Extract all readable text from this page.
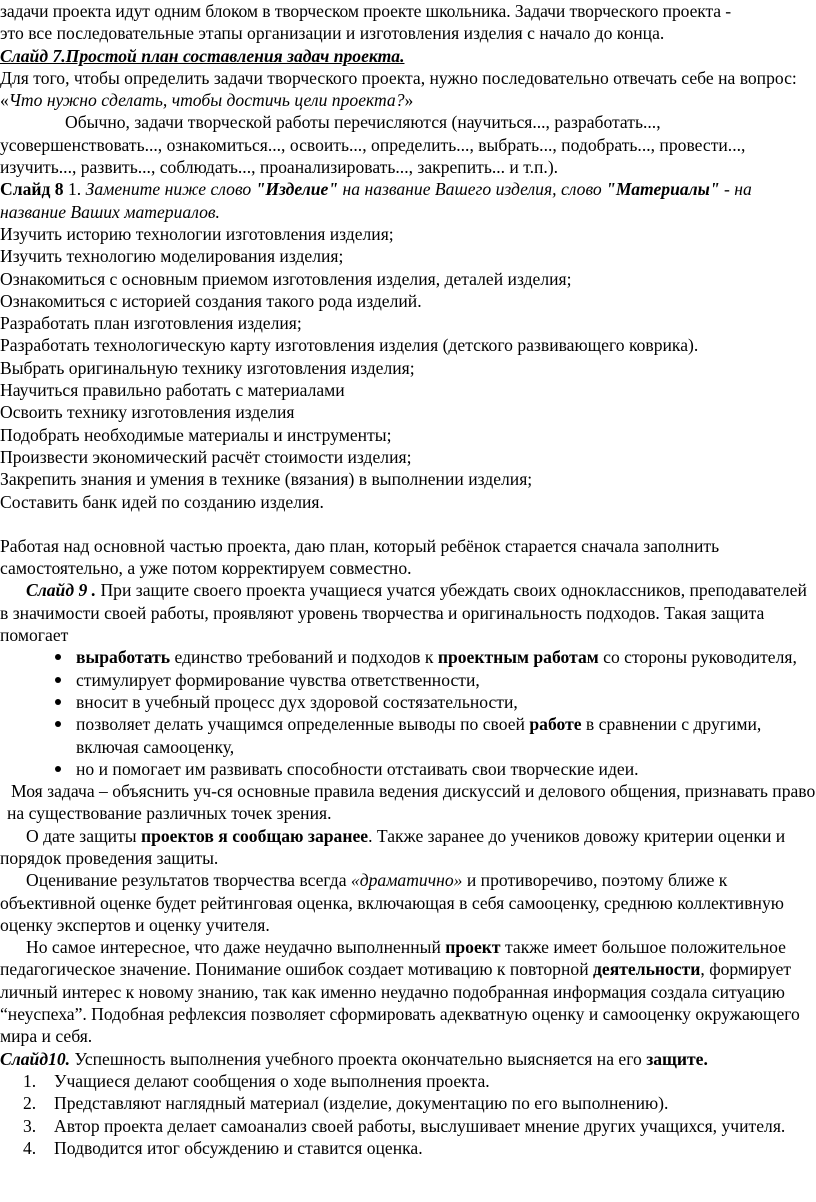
задачи проекта идут одним блоком в творческом проекте школьника. Задачи творческого проекта -

это все последовательные этапы организации и изготовления изделия с начало до конца.

Слайд 7.Простой план составления задач проекта.

Для того, чтобы определить задачи творческого проекта, нужно последовательно отвечать себе на вопрос: «Что нужно сделать, чтобы достичь цели проекта?»

Обычно, задачи творческой работы перечисляются (научиться..., разработать..., усовершенствовать..., ознакомиться..., освоить..., определить..., выбрать..., подобрать..., провести..., изучить..., развить..., соблюдать..., проанализировать..., закрепить... и т.п.).

Слайд 8 1. Замените ниже слово "Изделие" на название Вашего изделия, слово "Материалы" - на название Ваших материалов.

Изучить историю технологии изготовления изделия;

Изучить технологию моделирования изделия;

Ознакомиться с основным приемом изготовления изделия, деталей изделия;

Ознакомиться с историей создания такого рода изделий.

Разработать план изготовления изделия;

Разработать технологическую карту изготовления изделия (детского развивающего коврика).

Выбрать оригинальную технику изготовления изделия;

Научиться правильно работать с материалами

Освоить технику изготовления изделия

Подобрать необходимые материалы и инструменты;

Произвести экономический расчёт стоимости изделия;

Закрепить знания и умения в технике (вязания) в выполнении изделия;

Составить банк идей по созданию изделия.

Работая над основной частью проекта, даю план, который ребёнок старается сначала заполнить самостоятельно, а уже потом корректируем совместно.

Слайд 9 . При защите своего проекта учащиеся учатся убеждать своих одноклассников, преподавателей в значимости своей работы, проявляют уровень творчества и оригинальность подходов. Такая защита помогает

выработать единство требований и подходов к проектным работам со стороны руководителя,
стимулирует формирование чувства ответственности,
вносит в учебный процесс дух здоровой состязательности,
позволяет делать учащимся определенные выводы по своей работе в сравнении с другими, включая самооценку,
но и помогает им развивать способности отстаивать свои творческие идеи.

Моя задача – объяснить уч-ся основные правила ведения дискуссий и делового общения, признавать право на существование различных точек зрения.

О дате защиты проектов я сообщаю заранее. Также заранее до учеников довожу критерии оценки и порядок проведения защиты.

Оценивание результатов творчества всегда «драматично» и противоречиво, поэтому ближе к объективной оценке будет рейтинговая оценка, включающая в себя самооценку, среднюю коллективную оценку экспертов и оценку учителя.

Но самое интересное, что даже неудачно выполненный проект также имеет большое положительное педагогическое значение. Понимание ошибок создает мотивацию к повторной деятельности, формирует личный интерес к новому знанию, так как именно неудачно подобранная информация создала ситуацию “неуспеха”. Подобная рефлексия позволяет сформировать адекватную оценку и самооценку окружающего мира и себя.

Слайд10. Успешность выполнения учебного проекта окончательно выясняется на его защите.

1. Учащиеся делают сообщения о ходе выполнения проекта.
2. Представляют наглядный материал (изделие, документацию по его выполнению).
3. Автор проекта делает самоанализ своей работы, выслушивает мнение других учащихся, учителя.
4. Подводится итог обсуждению и ставится оценка.
